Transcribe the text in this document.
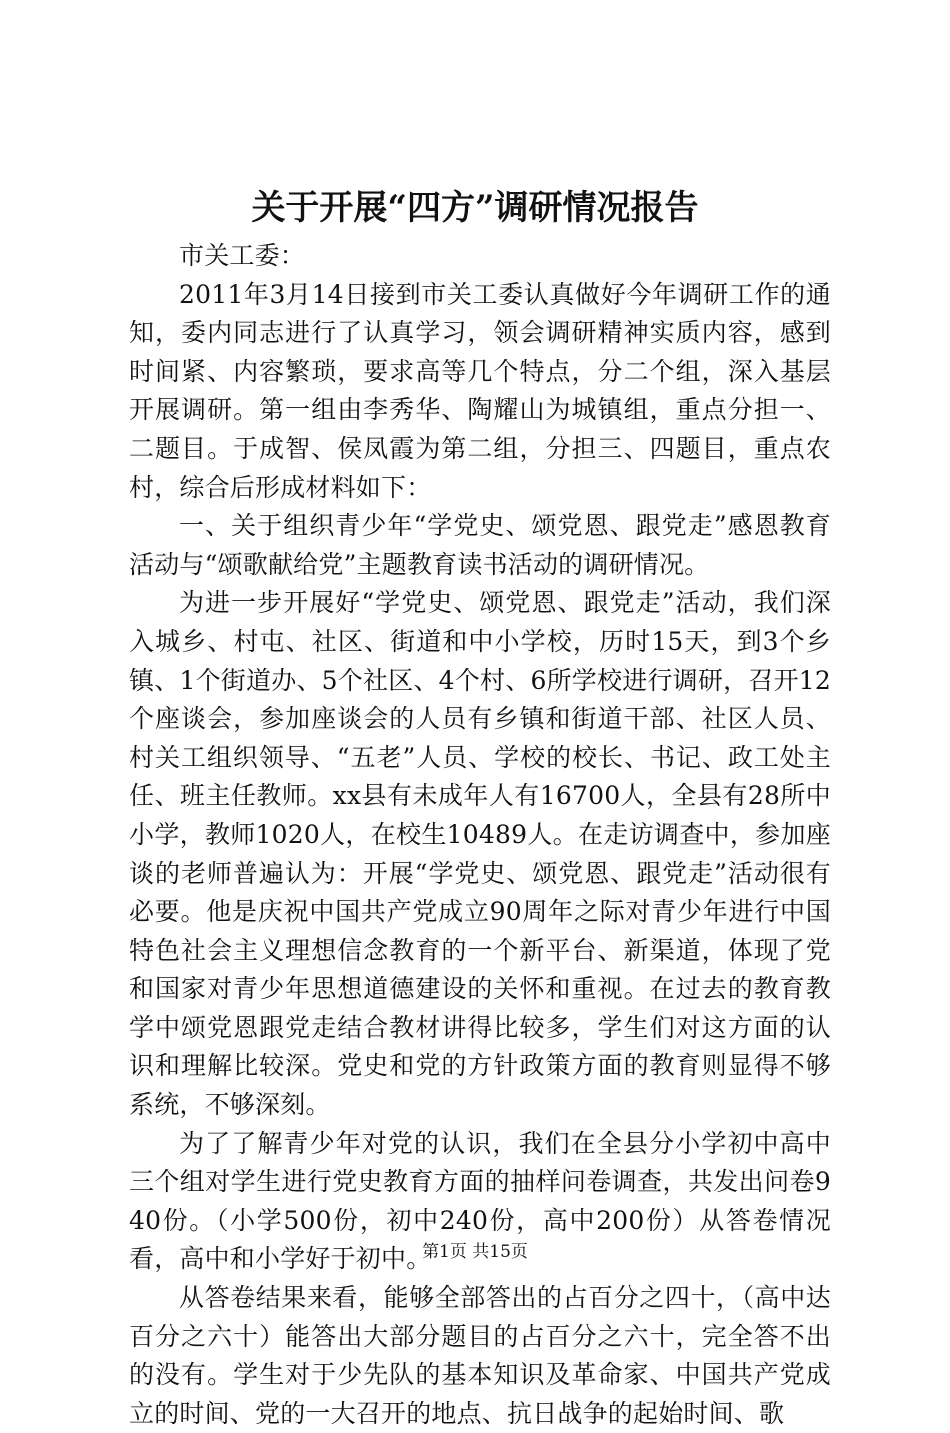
关于开展“四方”调研情况报告

市关工委：

2011年3月14日接到市关工委认真做好今年调研工作的通知，委内同志进行了认真学习，领会调研精神实质内容，感到时间紧、内容繁琐，要求高等几个特点，分二个组，深入基层开展调研。第一组由李秀华、陶耀山为城镇组，重点分担一、二题目。于成智、侯凤霞为第二组，分担三、四题目，重点农村，综合后形成材料如下：

一、关于组织青少年“学党史、颂党恩、跟党走”感恩教育活动与“颂歌献给党”主题教育读书活动的调研情况。

为进一步开展好“学党史、颂党恩、跟党走”活动，我们深入城乡、村屯、社区、街道和中小学校，历时15天，到3个乡镇、1个街道办、5个社区、4个村、6所学校进行调研，召开12个座谈会，参加座谈会的人员有乡镇和街道干部、社区人员、村关工组织领导、“五老”人员、学校的校长、书记、政工处主任、班主任教师。xx县有未成年人有16700人，全县有28所中小学，教师1020人，在校生10489人。在走访调查中，参加座谈的老师普遍认为：开展“学党史、颂党恩、跟党走”活动很有必要。他是庆祝中国共产党成立90周年之际对青少年进行中国特色社会主义理想信念教育的一个新平台、新渠道，体现了党和国家对青少年思想道德建设的关怀和重视。在过去的教育教学中颂党恩跟党走结合教材讲得比较多，学生们对这方面的认识和理解比较深。党史和党的方针政策方面的教育则显得不够系统，不够深刻。

为了了解青少年对党的认识，我们在全县分小学初中高中三个组对学生进行党史教育方面的抽样问卷调查，共发出问卷940份。（小学500份，初中240份，高中200份）从答卷情况看，高中和小学好于初中。

从答卷结果来看，能够全部答出的占百分之四十，（高中达百分之六十）能答出大部分题目的占百分之六十，完全答不出的没有。学生对于少先队的基本知识及革命家、中国共产党成立的时间、党的一大召开的地点、抗日战争的起始时间、歌

第1页 共15页
